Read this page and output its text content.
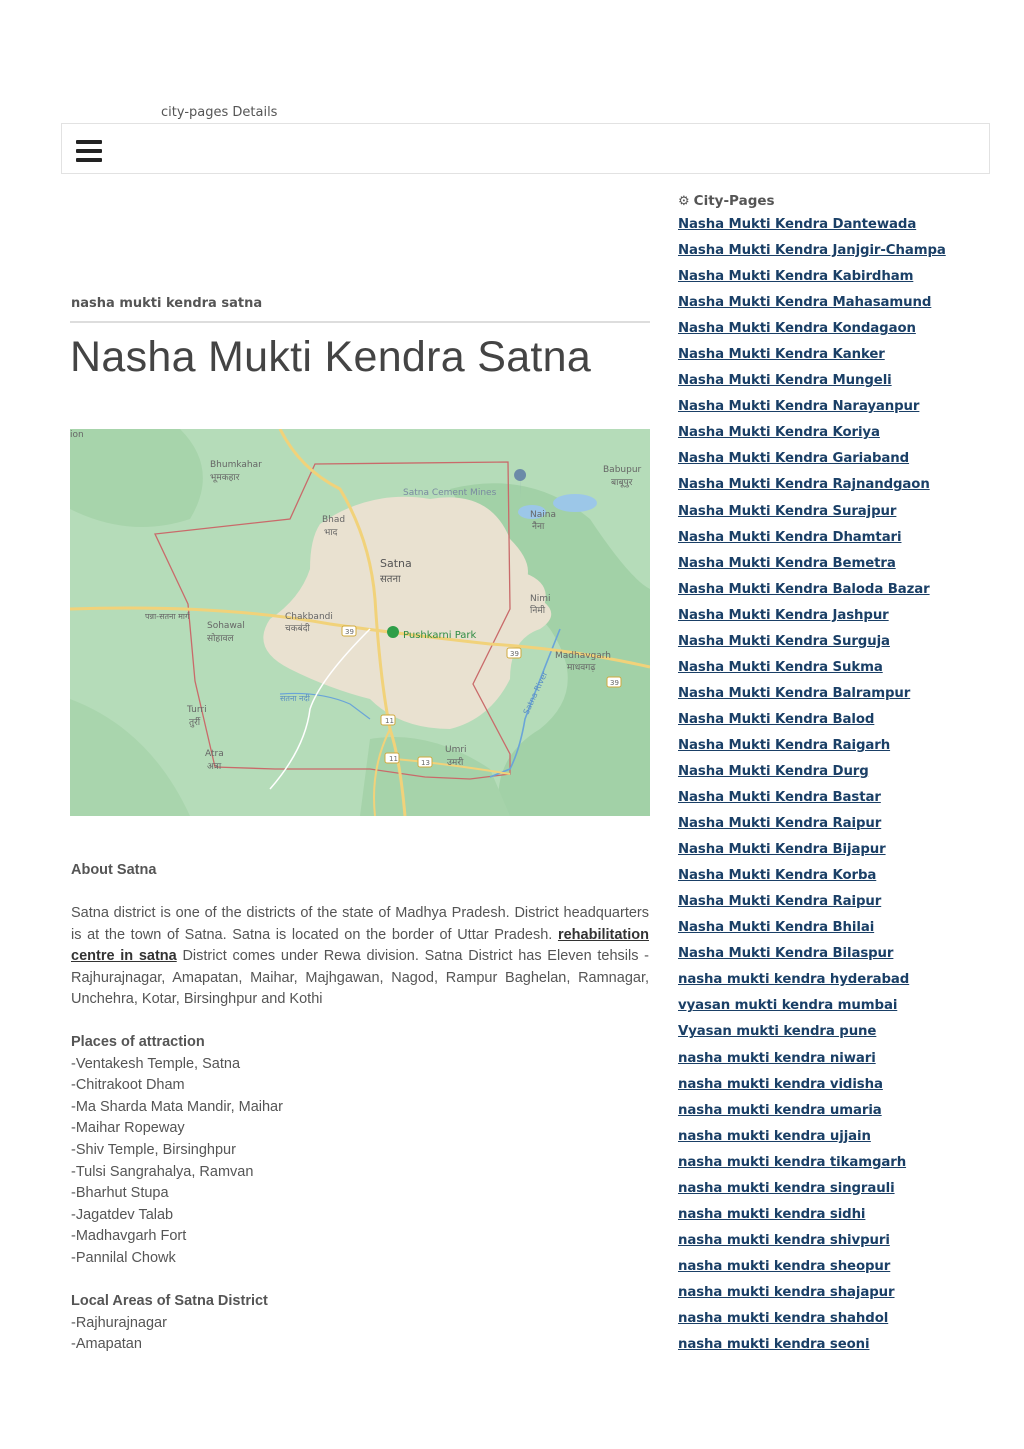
city-pages Details
nasha mukti kendra satna
Nasha Mukti Kendra Satna
ion
Bhumkahar
भूमकहार
Babupur
बाबूपुर
Satna Cement Mines
Naina
नैना
Bhad
भाद
Satna
सतना
Nimi
निमी
Chakbandi
चकबंदी
Sohawal
सोहावल
पन्ना-सतना मार्ग
Pushkarni Park
Madhavgarh
माधवगढ़
सतना नदी	Satna River
Turri
तुर्री
Atra
अत्रा
Umri
उमरी
39
39
39
11
11	13
About Satna
Satna district is one of the districts of the state of Madhya Pradesh. District headquarters is at the town of Satna. Satna is located on the border of Uttar Pradesh. rehabilitation centre in satna District comes under Rewa division. Satna District has Eleven tehsils - Rajhurajnagar, Amapatan, Maihar, Majhgawan, Nagod, Rampur Baghelan, Ramnagar, Unchehra, Kotar, Birsinghpur and Kothi
Places of attraction
-Ventakesh Temple, Satna
-Chitrakoot Dham
-Ma Sharda Mata Mandir, Maihar
-Maihar Ropeway
-Shiv Temple, Birsinghpur
-Tulsi Sangrahalya, Ramvan
-Bharhut Stupa
-Jagatdev Talab
-Madhavgarh Fort
-Pannilal Chowk
Local Areas of Satna District
-Rajhurajnagar
-Amapatan
⚙ City-Pages
Nasha Mukti Kendra Dantewada
Nasha Mukti Kendra Janjgir-Champa
Nasha Mukti Kendra Kabirdham
Nasha Mukti Kendra Mahasamund
Nasha Mukti Kendra Kondagaon
Nasha Mukti Kendra Kanker
Nasha Mukti Kendra Mungeli
Nasha Mukti Kendra Narayanpur
Nasha Mukti Kendra Koriya
Nasha Mukti Kendra Gariaband
Nasha Mukti Kendra Rajnandgaon
Nasha Mukti Kendra Surajpur
Nasha Mukti Kendra Dhamtari
Nasha Mukti Kendra Bemetra
Nasha Mukti Kendra Baloda Bazar
Nasha Mukti Kendra Jashpur
Nasha Mukti Kendra Surguja
Nasha Mukti Kendra Sukma
Nasha Mukti Kendra Balrampur
Nasha Mukti Kendra Balod
Nasha Mukti Kendra Raigarh
Nasha Mukti Kendra Durg
Nasha Mukti Kendra Bastar
Nasha Mukti Kendra Raipur
Nasha Mukti Kendra Bijapur
Nasha Mukti Kendra Korba
Nasha Mukti Kendra Raipur
Nasha Mukti Kendra Bhilai
Nasha Mukti Kendra Bilaspur
nasha mukti kendra hyderabad
vyasan mukti kendra mumbai
Vyasan mukti kendra pune
nasha mukti kendra niwari
nasha mukti kendra vidisha
nasha mukti kendra umaria
nasha mukti kendra ujjain
nasha mukti kendra tikamgarh
nasha mukti kendra singrauli
nasha mukti kendra sidhi
nasha mukti kendra shivpuri
nasha mukti kendra sheopur
nasha mukti kendra shajapur
nasha mukti kendra shahdol
nasha mukti kendra seoni
